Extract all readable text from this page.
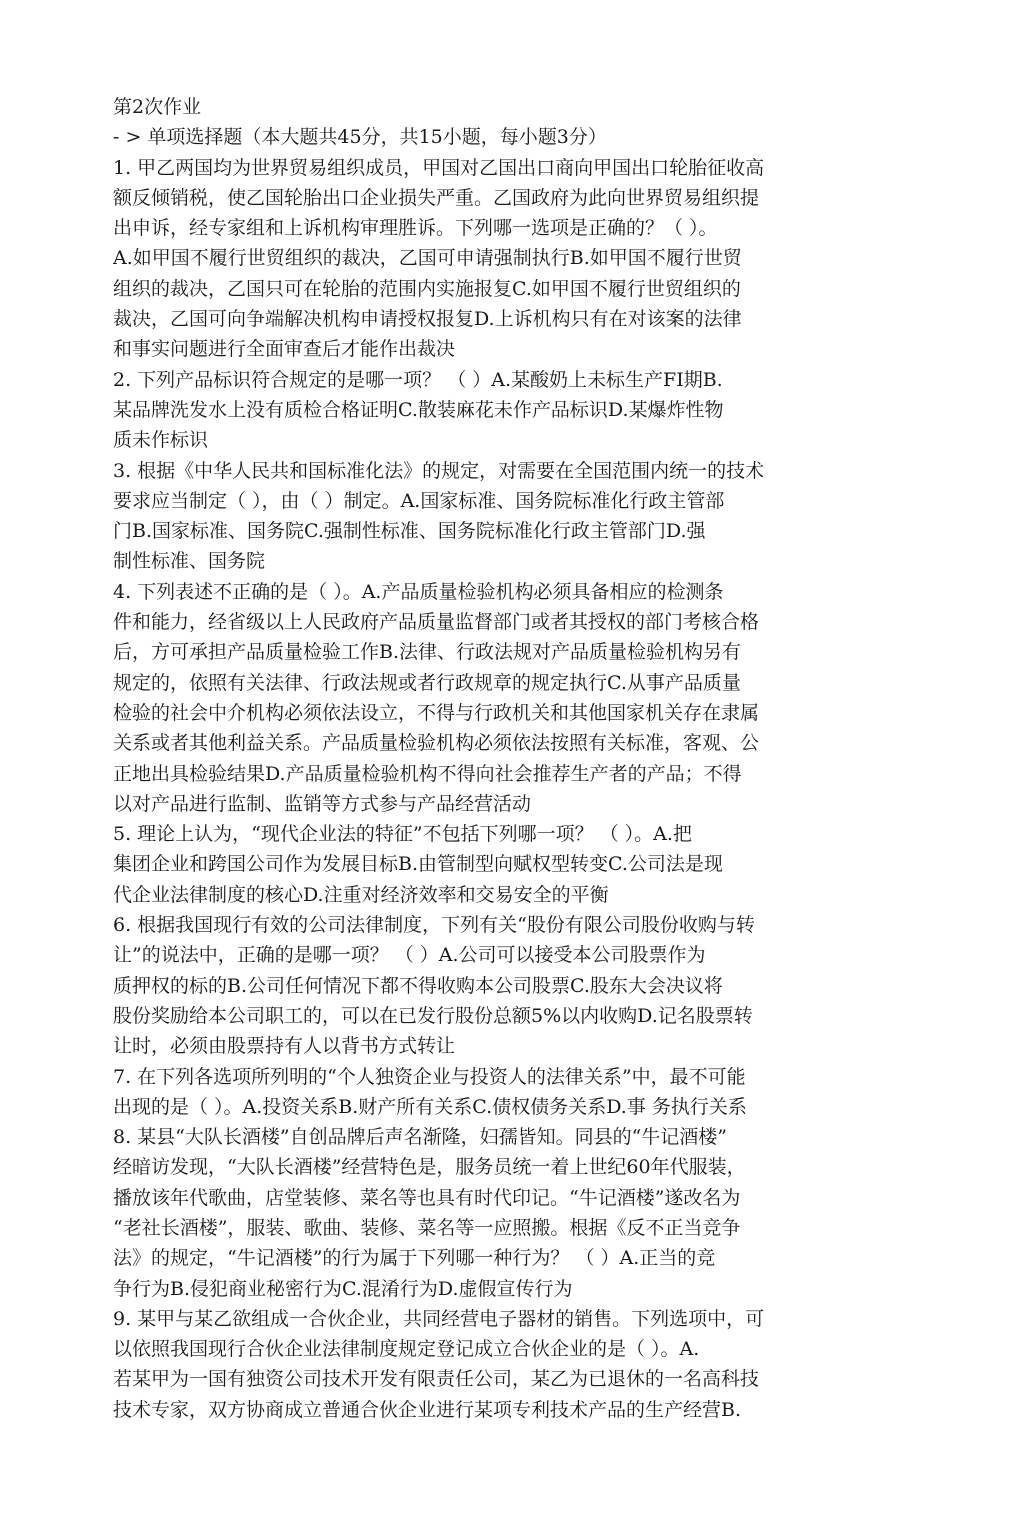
第2次作业
- > 单项选择题（本大题共45分，共15小题，每小题3分）
1. 甲乙两国均为世界贸易组织成员，甲国对乙国出口商向甲国出口轮胎征收高
额反倾销税，使乙国轮胎出口企业损失严重。乙国政府为此向世界贸易组织提
出申诉，经专家组和上诉机构审理胜诉。下列哪一选项是正确的？（ ）。
A.如甲国不履行世贸组织的裁决，乙国可申请强制执行B.如甲国不履行世贸
组织的裁决，乙国只可在轮胎的范围内实施报复C.如甲国不履行世贸组织的
裁决，乙国可向争端解决机构申请授权报复D.上诉机构只有在对该案的法律
和事实问题进行全面审查后才能作出裁决
2. 下列产品标识符合规定的是哪一项？ （ ）A.某酸奶上未标生产FI期B.
某品牌洗发水上没有质检合格证明C.散装麻花未作产品标识D.某爆炸性物
质未作标识
3. 根据《中华人民共和国标准化法》的规定，对需要在全国范围内统一的技术
要求应当制定（ ），由（ ）制定。A.国家标准、国务院标准化行政主管部
门B.国家标准、国务院C.强制性标准、国务院标准化行政主管部门D.强
制性标准、国务院
4. 下列表述不正确的是（ ）。A.产品质量检验机构必须具备相应的检测条
件和能力，经省级以上人民政府产品质量监督部门或者其授权的部门考核合格
后，方可承担产品质量检验工作B.法律、行政法规对产品质量检验机构另有
规定的，依照有关法律、行政法规或者行政规章的规定执行C.从事产品质量
检验的社会中介机构必须依法设立，不得与行政机关和其他国家机关存在隶属
关系或者其他利益关系。产品质量检验机构必须依法按照有关标准，客观、公
正地出具检验结果D.产品质量检验机构不得向社会推荐生产者的产品；不得
以对产品进行监制、监销等方式参与产品经营活动
5. 理论上认为，“现代企业法的特征”不包括下列哪一项？ （ ）。A.把
集团企业和跨国公司作为发展目标B.由管制型向赋权型转变C.公司法是现
代企业法律制度的核心D.注重对经济效率和交易安全的平衡
6. 根据我国现行有效的公司法律制度，下列有关“股份有限公司股份收购与转
让”的说法中，正确的是哪一项？ （ ）A.公司可以接受本公司股票作为
质押权的标的B.公司任何情况下都不得收购本公司股票C.股东大会决议将
股份奖励给本公司职工的，可以在已发行股份总额5%以内收购D.记名股票转
让时，必须由股票持有人以背书方式转让
7. 在下列各选项所列明的“个人独资企业与投资人的法律关系”中，最不可能
出现的是（ ）。A.投资关系B.财产所有关系C.债权债务关系D.事 务执行关系
8. 某县“大队长酒楼”自创品牌后声名渐隆，妇孺皆知。同县的“牛记酒楼”
经暗访发现，“大队长酒楼”经营特色是，服务员统一着上世纪60年代服装，
播放该年代歌曲，店堂装修、菜名等也具有时代印记。“牛记酒楼”遂改名为
“老社长酒楼”，服装、歌曲、装修、菜名等一应照搬。根据《反不正当竞争
法》的规定，“牛记酒楼”的行为属于下列哪一种行为？ （ ）A.正当的竞
争行为B.侵犯商业秘密行为C.混淆行为D.虚假宣传行为
9. 某甲与某乙欲组成一合伙企业，共同经营电子器材的销售。下列选项中，可
以依照我国现行合伙企业法律制度规定登记成立合伙企业的是（ ）。A.
若某甲为一国有独资公司技术开发有限责任公司，某乙为已退休的一名高科技
技术专家，双方协商成立普通合伙企业进行某项专利技术产品的生产经营B.
